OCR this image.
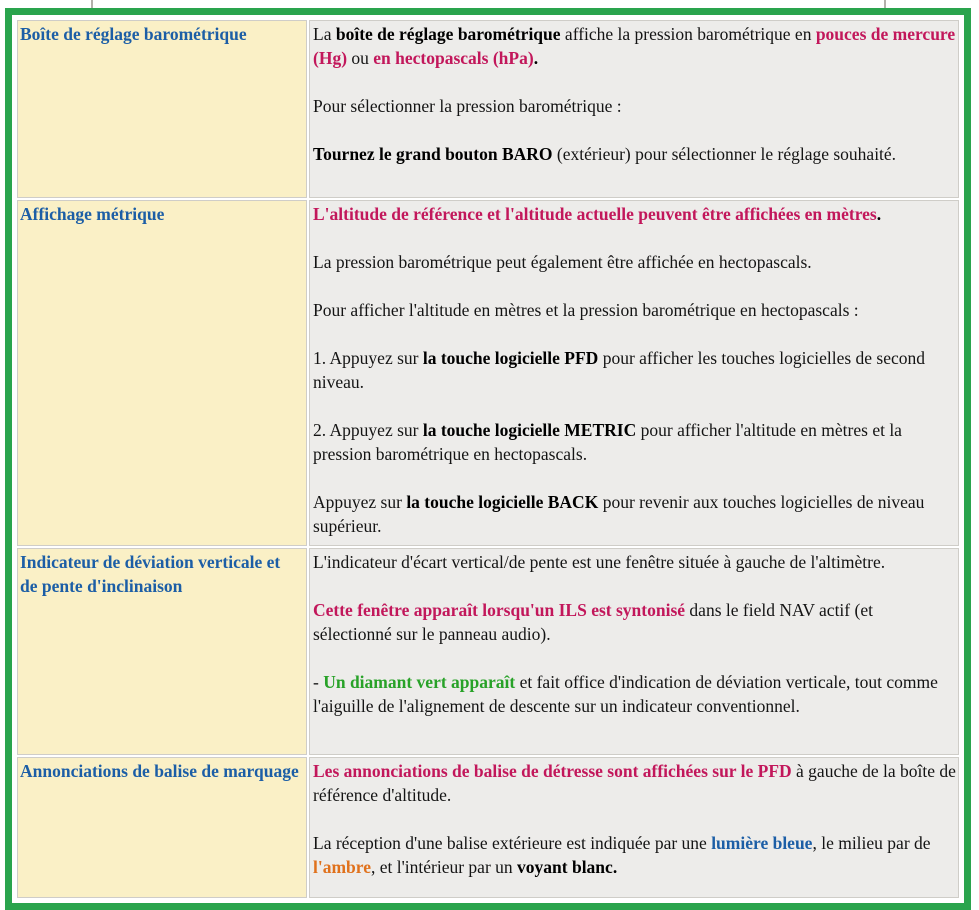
Boîte de réglage barométrique	La boîte de réglage barométrique affiche la pression barométrique en pouces de mercure (Hg) ou en hectopascals (hPa).

Pour sélectionner la pression barométrique :

Tournez le grand bouton BARO (extérieur) pour sélectionner le réglage souhaité.

Affichage métrique	L'altitude de référence et l'altitude actuelle peuvent être affichées en mètres.

La pression barométrique peut également être affichée en hectopascals.

Pour afficher l'altitude en mètres et la pression barométrique en hectopascals :

1. Appuyez sur la touche logicielle PFD pour afficher les touches logicielles de second niveau.

2. Appuyez sur la touche logicielle METRIC pour afficher l'altitude en mètres et la pression barométrique en hectopascals.

Appuyez sur la touche logicielle BACK pour revenir aux touches logicielles de niveau supérieur.

Indicateur de déviation verticale et de pente d'inclinaison	L'indicateur d'écart vertical/de pente est une fenêtre située à gauche de l'altimètre.

Cette fenêtre apparaît lorsqu'un ILS est syntonisé dans le field NAV actif (et sélectionné sur le panneau audio).

- Un diamant vert apparaît et fait office d'indication de déviation verticale, tout comme l'aiguille de l'alignement de descente sur un indicateur conventionnel.

Annonciations de balise de marquage	Les annonciations de balise de détresse sont affichées sur le PFD à gauche de la boîte de référence d'altitude.

La réception d'une balise extérieure est indiquée par une lumière bleue, le milieu par de l'ambre, et l'intérieur par un voyant blanc.
